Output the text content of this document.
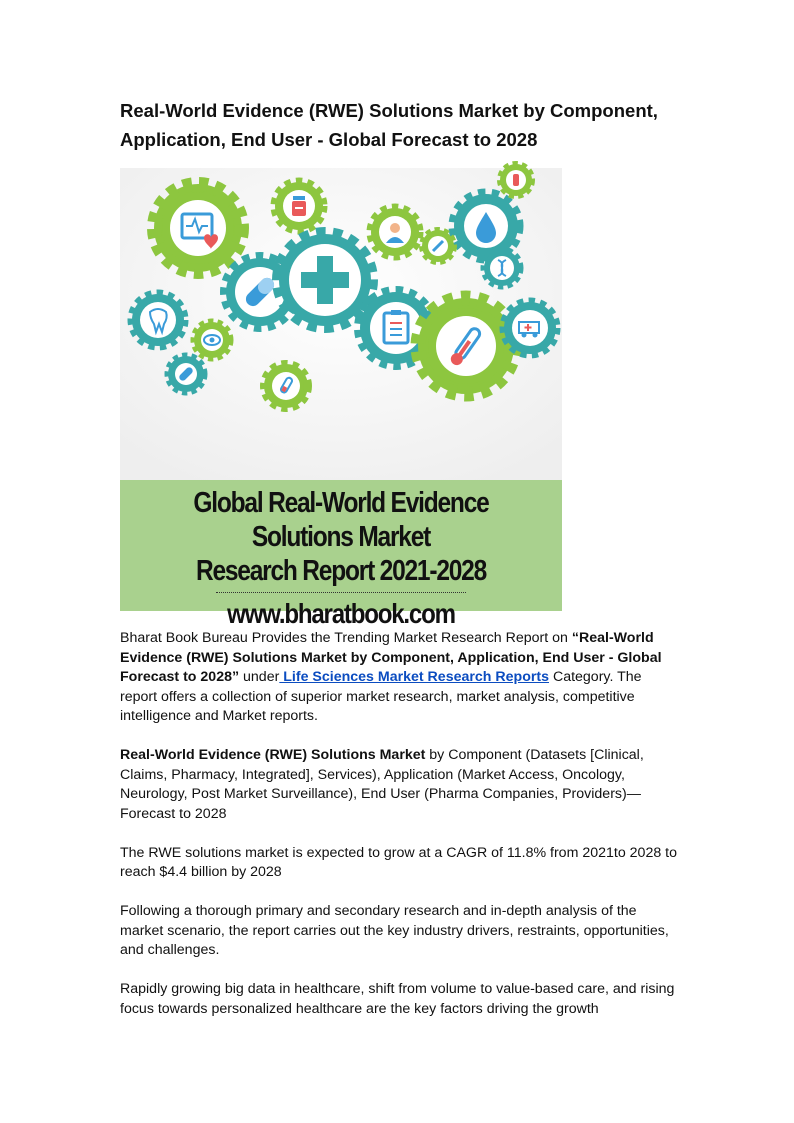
Real-World Evidence (RWE) Solutions Market by Component,
Application, End User - Global Forecast to 2028
Global Real-World Evidence Solutions Market
Research Report 2021-2028
www.bharatbook.com

Bharat Book Bureau Provides the Trending Market Research Report on “Real-World Evidence (RWE) Solutions Market by Component, Application, End User - Global Forecast to 2028” under Life Sciences Market Research Reports Category. The report offers a collection of superior market research, market analysis, competitive intelligence and Market reports.

Real-World Evidence (RWE) Solutions Market by Component (Datasets [Clinical, Claims, Pharmacy, Integrated], Services), Application (Market Access, Oncology, Neurology, Post Market Surveillance), End User (Pharma Companies, Providers)—Forecast to 2028

The RWE solutions market is expected to grow at a CAGR of 11.8% from 2021to 2028 to reach $4.4 billion by 2028

Following a thorough primary and secondary research and in-depth analysis of the market scenario, the report carries out the key industry drivers, restraints, opportunities, and challenges.

Rapidly growing big data in healthcare, shift from volume to value-based care, and rising focus towards personalized healthcare are the key factors driving the growth
